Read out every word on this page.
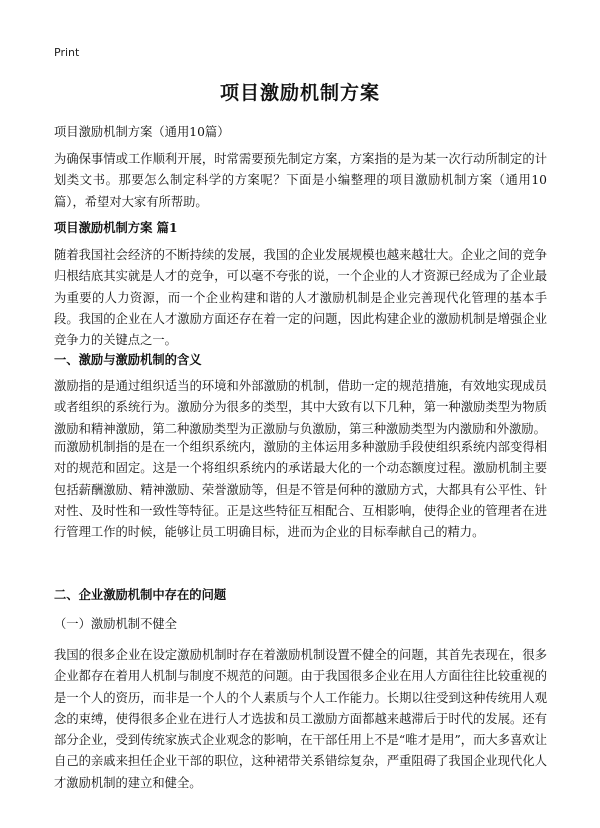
Print
项目激励机制方案
项目激励机制方案（通用10篇）
为确保事情或工作顺利开展，时常需要预先制定方案，方案指的是为某一次行动所制定的计划类文书。那要怎么制定科学的方案呢？下面是小编整理的项目激励机制方案（通用10篇），希望对大家有所帮助。
项目激励机制方案 篇1
随着我国社会经济的不断持续的发展，我国的企业发展规模也越来越壮大。企业之间的竞争归根结底其实就是人才的竞争，可以毫不夸张的说，一个企业的人才资源已经成为了企业最为重要的人力资源，而一个企业构建和谐的人才激励机制是企业完善现代化管理的基本手段。我国的企业在人才激励方面还存在着一定的问题，因此构建企业的激励机制是增强企业竞争力的关键点之一。
一、激励与激励机制的含义
激励指的是通过组织适当的环境和外部激励的机制，借助一定的规范措施，有效地实现成员或者组织的系统行为。激励分为很多的类型，其中大致有以下几种，第一种激励类型为物质激励和精神激励，第二种激励类型为正激励与负激励，第三种激励类型为内激励和外激励。
而激励机制指的是在一个组织系统内，激励的主体运用多种激励手段使组织系统内部变得相对的规范和固定。这是一个将组织系统内的承诺最大化的一个动态额度过程。激励机制主要包括薪酬激励、精神激励、荣誉激励等，但是不管是何种的激励方式，大都具有公平性、针对性、及时性和一致性等特征。正是这些特征互相配合、互相影响，使得企业的管理者在进行管理工作的时候，能够让员工明确目标，进而为企业的目标奉献自己的精力。
二、企业激励机制中存在的问题
（一）激励机制不健全
我国的很多企业在设定激励机制时存在着激励机制设置不健全的问题，其首先表现在，很多企业都存在着用人机制与制度不规范的问题。由于我国很多企业在用人方面往往比较重视的是一个人的资历，而非是一个人的个人素质与个人工作能力。长期以往受到这种传统用人观念的束缚，使得很多企业在进行人才选拔和员工激励方面都越来越滞后于时代的发展。还有部分企业，受到传统家族式企业观念的影响，在干部任用上不是“唯才是用”，而大多喜欢让自己的亲戚来担任企业干部的职位，这种裙带关系错综复杂，严重阻碍了我国企业现代化人才激励机制的建立和健全。
